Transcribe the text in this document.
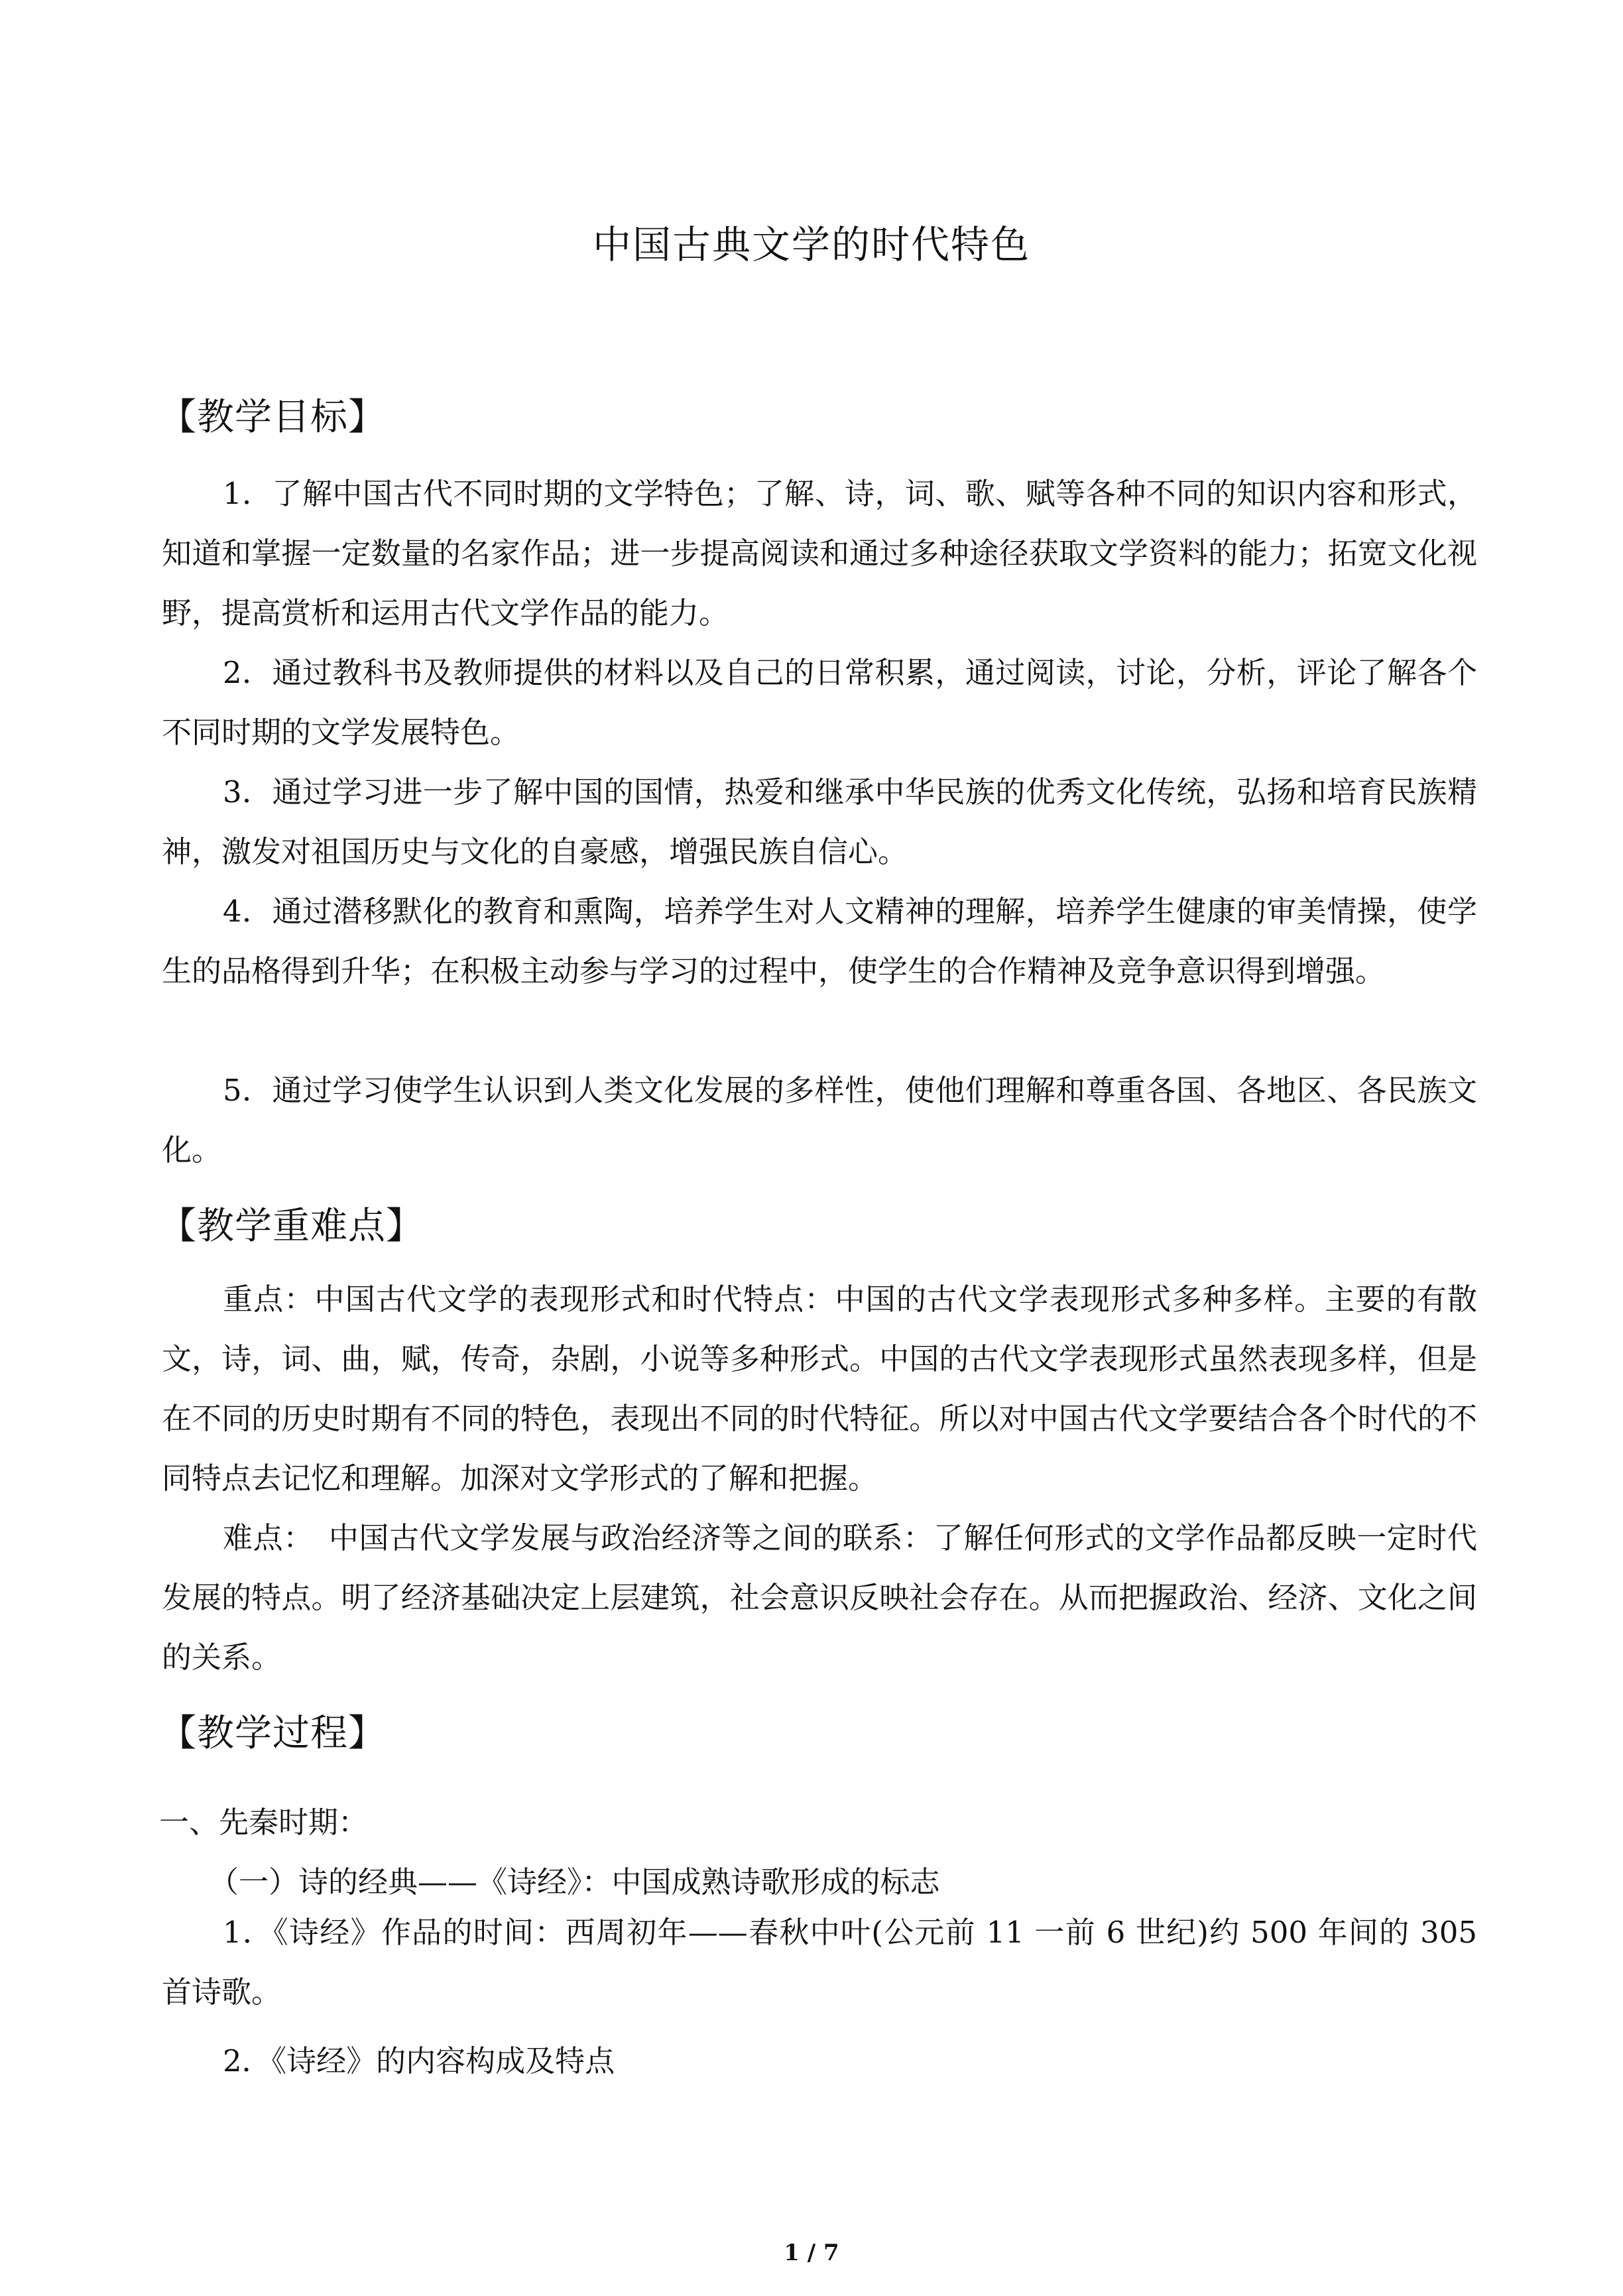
中国古典文学的时代特色
【教学目标】
1．了解中国古代不同时期的文学特色；了解、诗，词、歌、赋等各种不同的知识内容和形式，知道和掌握一定数量的名家作品；进一步提高阅读和通过多种途径获取文学资料的能力；拓宽文化视野，提高赏析和运用古代文学作品的能力。
2．通过教科书及教师提供的材料以及自己的日常积累，通过阅读，讨论，分析，评论了解各个不同时期的文学发展特色。
3．通过学习进一步了解中国的国情，热爱和继承中华民族的优秀文化传统，弘扬和培育民族精神，激发对祖国历史与文化的自豪感，增强民族自信心。
4．通过潜移默化的教育和熏陶，培养学生对人文精神的理解，培养学生健康的审美情操，使学生的品格得到升华；在积极主动参与学习的过程中，使学生的合作精神及竞争意识得到增强。
5．通过学习使学生认识到人类文化发展的多样性，使他们理解和尊重各国、各地区、各民族文化。
【教学重难点】
重点：中国古代文学的表现形式和时代特点：中国的古代文学表现形式多种多样。主要的有散文，诗，词、曲，赋，传奇，杂剧，小说等多种形式。中国的古代文学表现形式虽然表现多样，但是在不同的历史时期有不同的特色，表现出不同的时代特征。所以对中国古代文学要结合各个时代的不同特点去记忆和理解。加深对文学形式的了解和把握。
难点：　中国古代文学发展与政治经济等之间的联系：了解任何形式的文学作品都反映一定时代发展的特点。明了经济基础决定上层建筑，社会意识反映社会存在。从而把握政治、经济、文化之间的关系。
【教学过程】
一、先秦时期：
（一）诗的经典——《诗经》：中国成熟诗歌形成的标志
1．《诗经》作品的时间：西周初年——春秋中叶(公元前 11 一前 6 世纪)约 500 年间的 305 首诗歌。
2．《诗经》的内容构成及特点
1 / 7
